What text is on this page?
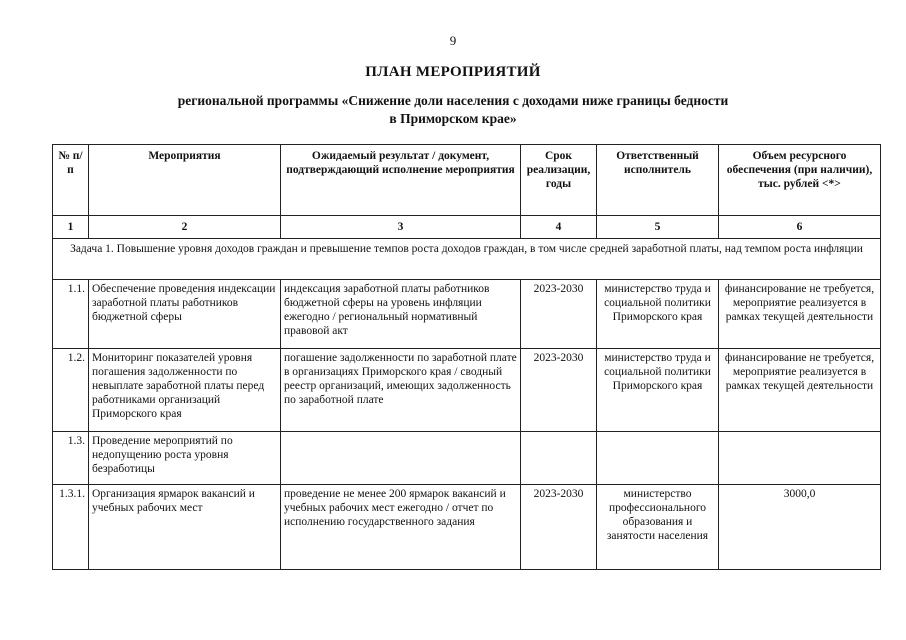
9
ПЛАН МЕРОПРИЯТИЙ
региональной программы «Снижение доли населения с доходами ниже границы бедности
в Приморском крае»
№ п/п	Мероприятия	Ожидаемый результат / документ, подтверждающий исполнение мероприятия	Срок реализации, годы	Ответственный исполнитель	Объем ресурсного обеспечения (при наличии), тыс. рублей <*>
1	2	3	4	5	6
Задача 1. Повышение уровня доходов граждан и превышение темпов роста доходов граждан, в том числе средней заработной платы, над темпом роста инфляции					
1.1.	Обеспечение проведения индексации заработной платы работников бюджетной сферы	индексация заработной платы работников бюджетной сферы на уровень инфляции ежегодно / региональный нормативный правовой акт	2023-2030	министерство труда и социальной политики Приморского края	финансирование не требуется, мероприятие реализуется в рамках текущей деятельности
1.2.	Мониторинг показателей уровня погашения задолженности по невыплате заработной платы перед работниками организаций Приморского края	погашение задолженности по заработной плате в организациях Приморского края / сводный реестр организаций, имеющих задолженность по заработной плате	2023-2030	министерство труда и социальной политики Приморского края	финансирование не требуется, мероприятие реализуется в рамках текущей деятельности
1.3.	Проведение мероприятий по недопущению роста уровня безработицы				
1.3.1.	Организация ярмарок вакансий и учебных рабочих мест	проведение не менее 200 ярмарок вакансий и учебных рабочих мест ежегодно / отчет по исполнению государственного задания	2023-2030	министерство профессионального образования и занятости населения	3000,0
